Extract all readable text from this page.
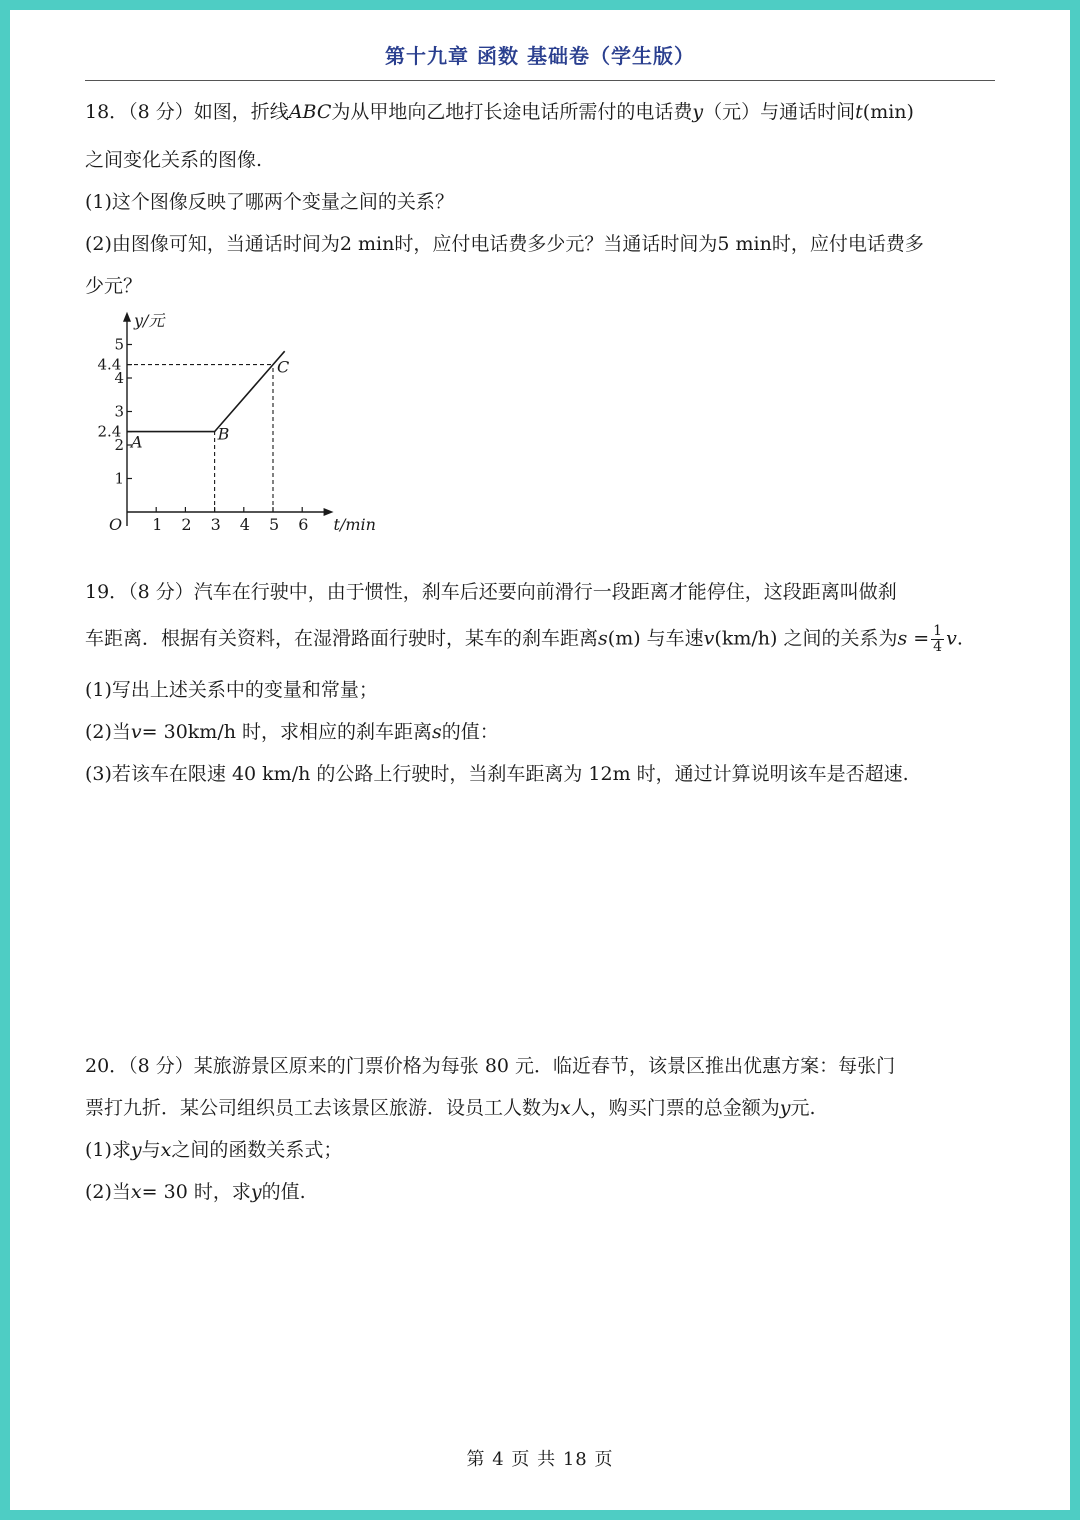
第十九章 函数 基础卷（学生版）
18．（8 分）如图，折线ABC为从甲地向乙地打长途电话所需付的电话费y（元）与通话时间t(min)
之间变化关系的图像.
(1)这个图像反映了哪两个变量之间的关系？
(2)由图像可知，当通话时间为2 min时，应付电话费多少元？当通话时间为5 min时，应付电话费多
少元？
y/元
t/min
O 1 2 3 4 5 6
1
2
2.4
3
4
4.4
5
A	B
C
19．（8 分）汽车在行驶中，由于惯性，刹车后还要向前滑行一段距离才能停住，这段距离叫做刹
车距离．根据有关资料，在湿滑路面行驶时，某车的刹车距离s(m) 与车速v(km/h) 之间的关系为$s = \frac{1}{4} v$.
(1)写出上述关系中的变量和常量；
(2)当v= 30km/h 时，求相应的刹车距离s的值：
(3)若该车在限速 40 km/h 的公路上行驶时，当刹车距离为 12m 时，通过计算说明该车是否超速.
20．（8 分）某旅游景区原来的门票价格为每张 80 元．临近春节，该景区推出优惠方案：每张门
票打九折．某公司组织员工去该景区旅游．设员工人数为x人，购买门票的总金额为y元.
(1)求y与x之间的函数关系式；
(2)当x= 30 时，求y的值.
第 4 页 共 18 页
